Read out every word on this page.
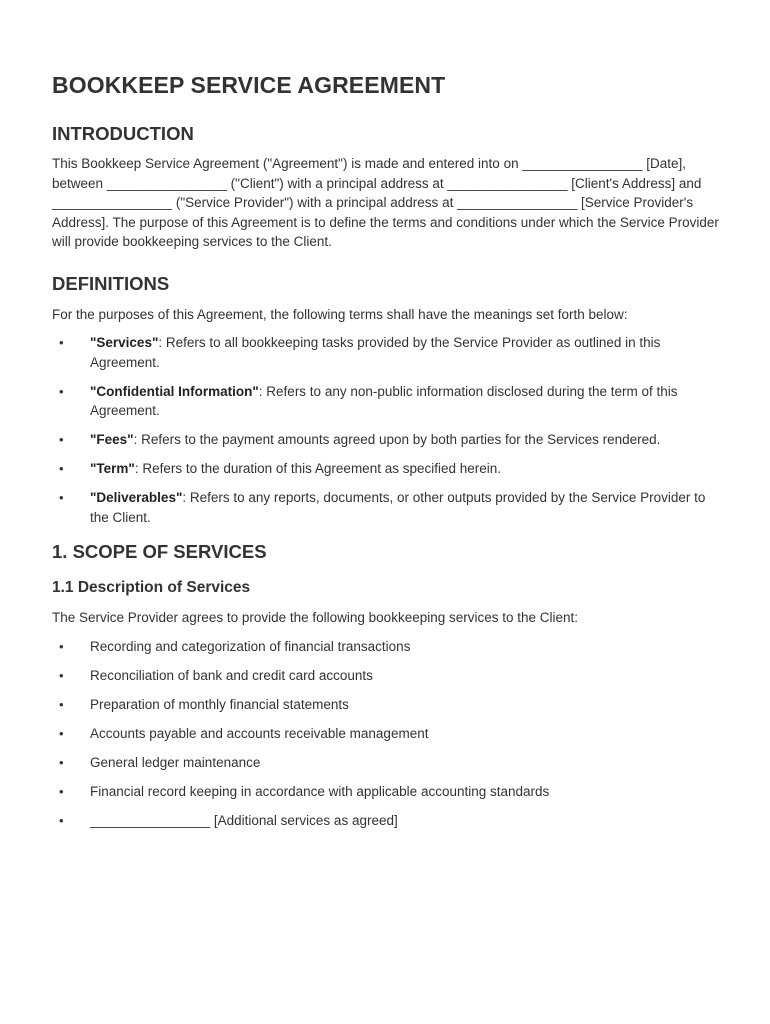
BOOKKEEP SERVICE AGREEMENT
INTRODUCTION

This Bookkeep Service Agreement ("Agreement") is made and entered into on ________________ [Date], between ________________ ("Client") with a principal address at ________________ [Client's Address] and ________________ ("Service Provider") with a principal address at ________________ [Service Provider's Address]. The purpose of this Agreement is to define the terms and conditions under which the Service Provider will provide bookkeeping services to the Client.

DEFINITIONS

For the purposes of this Agreement, the following terms shall have the meanings set forth below:

• "Services": Refers to all bookkeeping tasks provided by the Service Provider as outlined in this Agreement.
• "Confidential Information": Refers to any non-public information disclosed during the term of this Agreement.
• "Fees": Refers to the payment amounts agreed upon by both parties for the Services rendered.
• "Term": Refers to the duration of this Agreement as specified herein.
• "Deliverables": Refers to any reports, documents, or other outputs provided by the Service Provider to the Client.
1. SCOPE OF SERVICES
1.1 Description of Services

The Service Provider agrees to provide the following bookkeeping services to the Client:

• Recording and categorization of financial transactions
• Reconciliation of bank and credit card accounts
• Preparation of monthly financial statements
• Accounts payable and accounts receivable management
• General ledger maintenance
• Financial record keeping in accordance with applicable accounting standards
• ________________ [Additional services as agreed]
